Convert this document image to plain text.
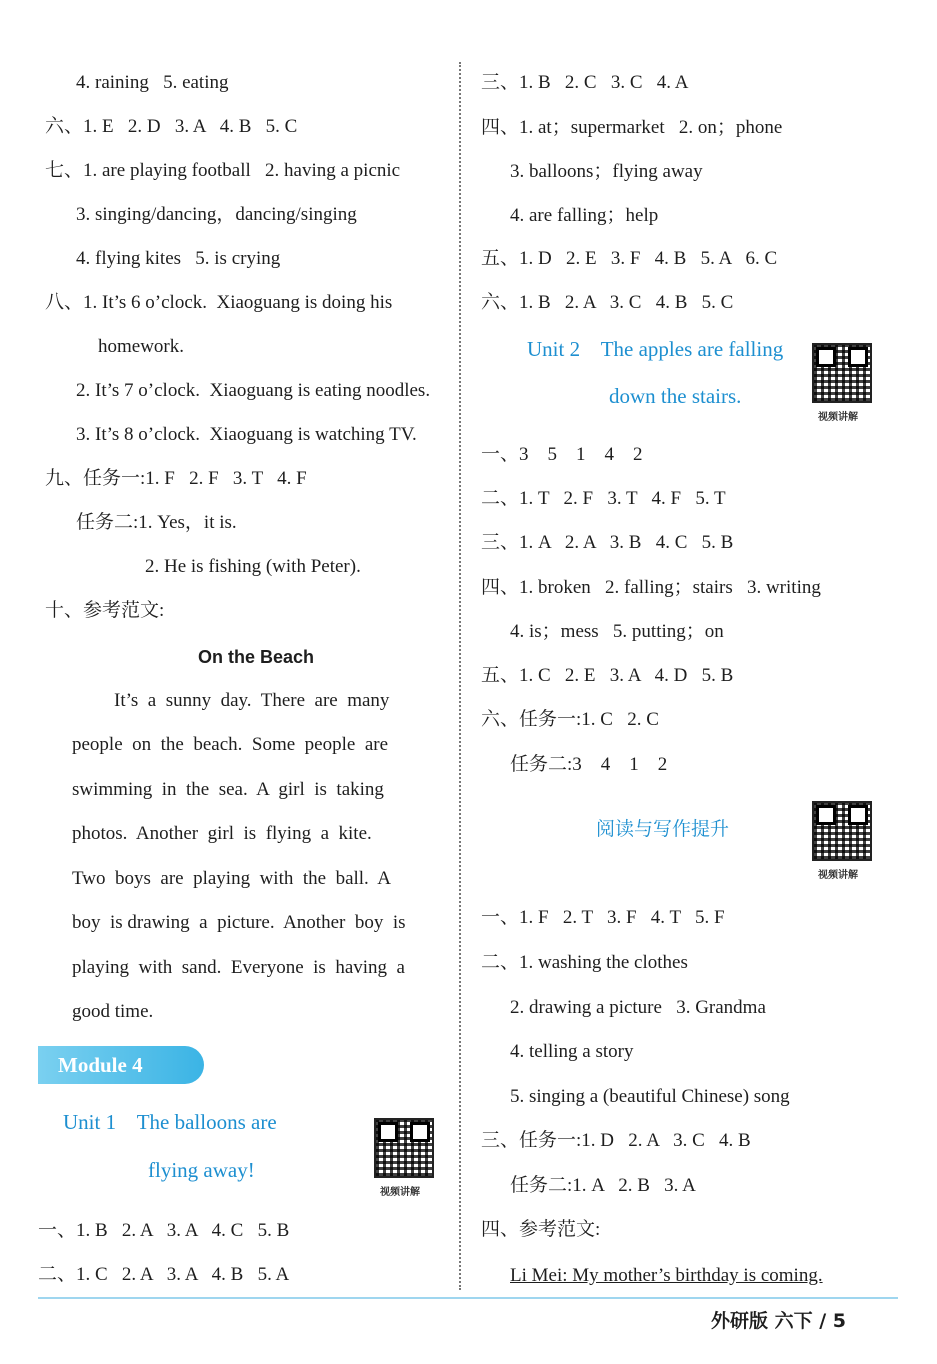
4. raining   5. eating
六、1. E   2. D   3. A   4. B   5. C
七、1. are playing football   2. having a picnic
3. singing/dancing，dancing/singing
4. flying kites   5. is crying
八、1. It’s 6 o’clock.  Xiaoguang is doing his
homework.
2. It’s 7 o’clock.  Xiaoguang is eating noodles.
3. It’s 8 o’clock.  Xiaoguang is watching TV.
九、任务一:1. F   2. F   3. T   4. F
任务二:1. Yes，it is.
2. He is fishing (with Peter).
十、参考范文:
It’s  a  sunny  day.  There  are  many
people  on  the  beach.  Some  people  are
swimming  in  the  sea.  A  girl  is  taking
photos.  Another  girl  is  flying  a  kite.
Two  boys  are  playing  with  the  ball.  A
boy  is drawing  a  picture.  Another  boy  is
playing  with  sand.  Everyone  is  having  a
good time.
一、1. B   2. A   3. A   4. C   5. B
二、1. C   2. A   3. A   4. B   5. A
On the Beach
Module 4
Unit 1    The balloons are
flying away!
视频讲解
三、1. B   2. C   3. C   4. A
四、1. at；supermarket   2. on；phone
3. balloons；flying away
4. are falling；help
五、1. D   2. E   3. F   4. B   5. A   6. C
六、1. B   2. A   3. C   4. B   5. C
一、3    5    1    4    2
二、1. T   2. F   3. T   4. F   5. T
三、1. A   2. A   3. B   4. C   5. B
四、1. broken   2. falling；stairs   3. writing
4. is；mess   5. putting；on
五、1. C   2. E   3. A   4. D   5. B
六、任务一:1. C   2. C
任务二:3    4    1    2
一、1. F   2. T   3. F   4. T   5. F
二、1. washing the clothes
2. drawing a picture   3. Grandma
4. telling a story
5. singing a (beautiful Chinese) song
三、任务一:1. D   2. A   3. C   4. B
任务二:1. A   2. B   3. A
四、参考范文:
Unit 2    The apples are falling
down the stairs.
视频讲解
阅读与写作提升
视频讲解
Li Mei: My mother’s birthday is coming.
外研版 六下 / 5
